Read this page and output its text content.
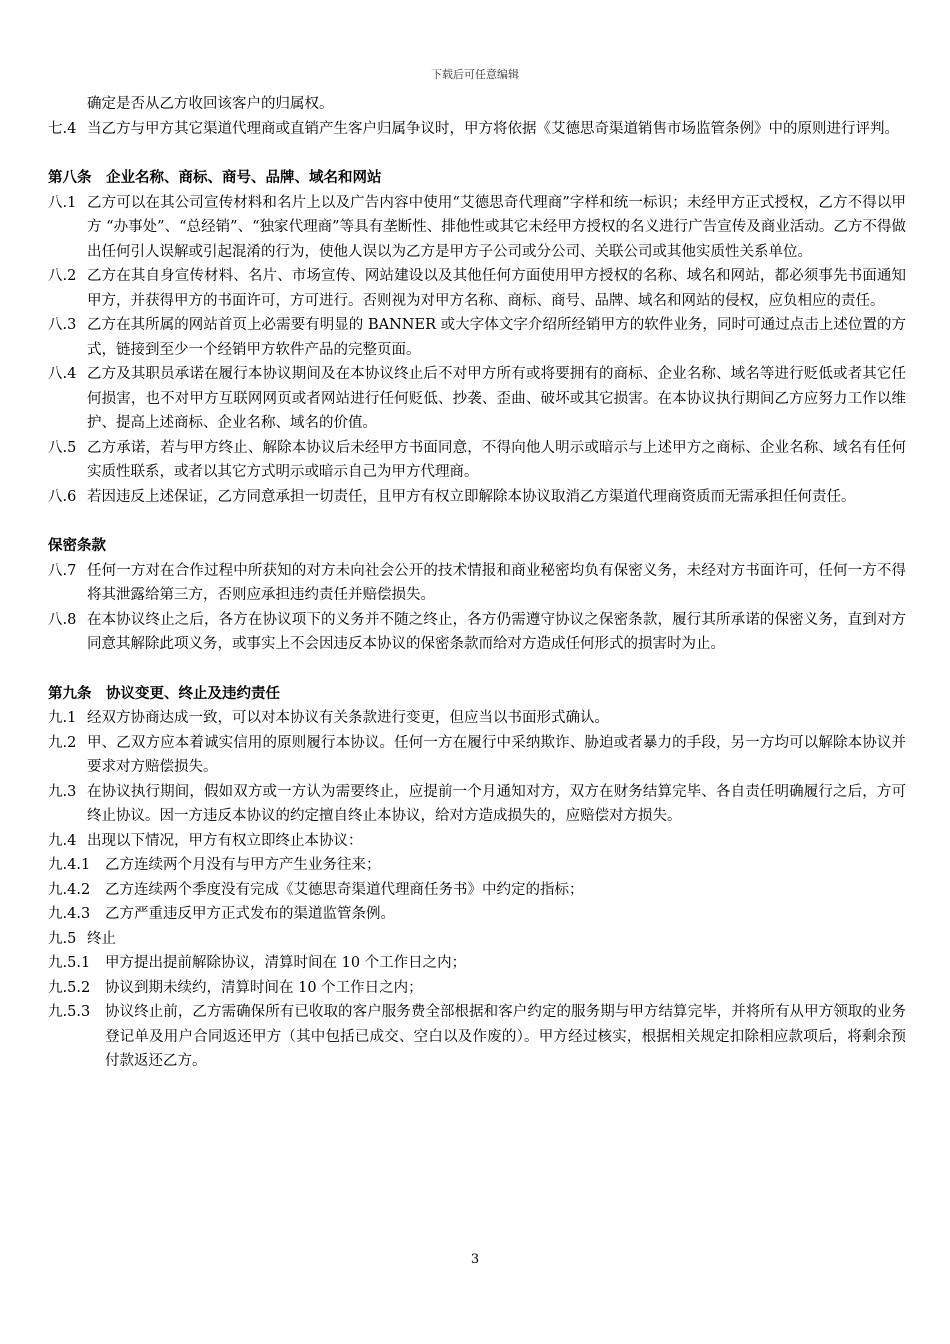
下载后可任意编辑
确定是否从乙方收回该客户的归属权。
七.4 当乙方与甲方其它渠道代理商或直销产生客户归属争议时，甲方将依据《艾德思奇渠道销售市场监管条例》中的原则进行评判。
第八条　企业名称、商标、商号、品牌、域名和网站
八.1 乙方可以在其公司宣传材料和名片上以及广告内容中使用“艾德思奇代理商”字样和统一标识；未经甲方正式授权，乙方不得以甲方 “办事处”、“总经销”、“独家代理商”等具有垄断性、排他性或其它未经甲方授权的名义进行广告宣传及商业活动。乙方不得做出任何引人误解或引起混淆的行为，使他人误以为乙方是甲方子公司或分公司、关联公司或其他实质性关系单位。
八.2 乙方在其自身宣传材料、名片、市场宣传、网站建设以及其他任何方面使用甲方授权的名称、域名和网站，都必须事先书面通知甲方，并获得甲方的书面许可，方可进行。否则视为对甲方名称、商标、商号、品牌、域名和网站的侵权，应负相应的责任。
八.3 乙方在其所属的网站首页上必需要有明显的 BANNER 或大字体文字介绍所经销甲方的软件业务，同时可通过点击上述位置的方式，链接到至少一个经销甲方软件产品的完整页面。
八.4 乙方及其职员承诺在履行本协议期间及在本协议终止后不对甲方所有或将要拥有的商标、企业名称、域名等进行贬低或者其它任何损害，也不对甲方互联网网页或者网站进行任何贬低、抄袭、歪曲、破坏或其它损害。在本协议执行期间乙方应努力工作以维护、提高上述商标、企业名称、域名的价值。
八.5 乙方承诺，若与甲方终止、解除本协议后未经甲方书面同意，不得向他人明示或暗示与上述甲方之商标、企业名称、域名有任何实质性联系，或者以其它方式明示或暗示自己为甲方代理商。
八.6 若因违反上述保证，乙方同意承担一切责任，且甲方有权立即解除本协议取消乙方渠道代理商资质而无需承担任何责任。
保密条款
八.7 任何一方对在合作过程中所获知的对方未向社会公开的技术情报和商业秘密均负有保密义务，未经对方书面许可，任何一方不得将其泄露给第三方，否则应承担违约责任并赔偿损失。
八.8 在本协议终止之后，各方在协议项下的义务并不随之终止，各方仍需遵守协议之保密条款，履行其所承诺的保密义务，直到对方同意其解除此项义务，或事实上不会因违反本协议的保密条款而给对方造成任何形式的损害时为止。
第九条　协议变更、终止及违约责任
九.1 经双方协商达成一致，可以对本协议有关条款进行变更，但应当以书面形式确认。
九.2 甲、乙双方应本着诚实信用的原则履行本协议。任何一方在履行中采纳欺诈、胁迫或者暴力的手段，另一方均可以解除本协议并要求对方赔偿损失。
九.3 在协议执行期间，假如双方或一方认为需要终止，应提前一个月通知对方，双方在财务结算完毕、各自责任明确履行之后，方可终止协议。因一方违反本协议的约定擅自终止本协议，给对方造成损失的，应赔偿对方损失。
九.4 出现以下情况，甲方有权立即终止本协议：
九.4.1	乙方连续两个月没有与甲方产生业务往来；
九.4.2	乙方连续两个季度没有完成《艾德思奇渠道代理商任务书》中约定的指标；
九.4.3	乙方严重违反甲方正式发布的渠道监管条例。
九.5 终止
九.5.1	甲方提出提前解除协议，清算时间在 10 个工作日之内；
九.5.2	协议到期未续约，清算时间在 10 个工作日之内；
九.5.3	协议终止前，乙方需确保所有已收取的客户服务费全部根据和客户约定的服务期与甲方结算完毕，并将所有从甲方领取的业务登记单及用户合同返还甲方（其中包括已成交、空白以及作废的）。甲方经过核实，根据相关规定扣除相应款项后，将剩余预付款返还乙方。
3
